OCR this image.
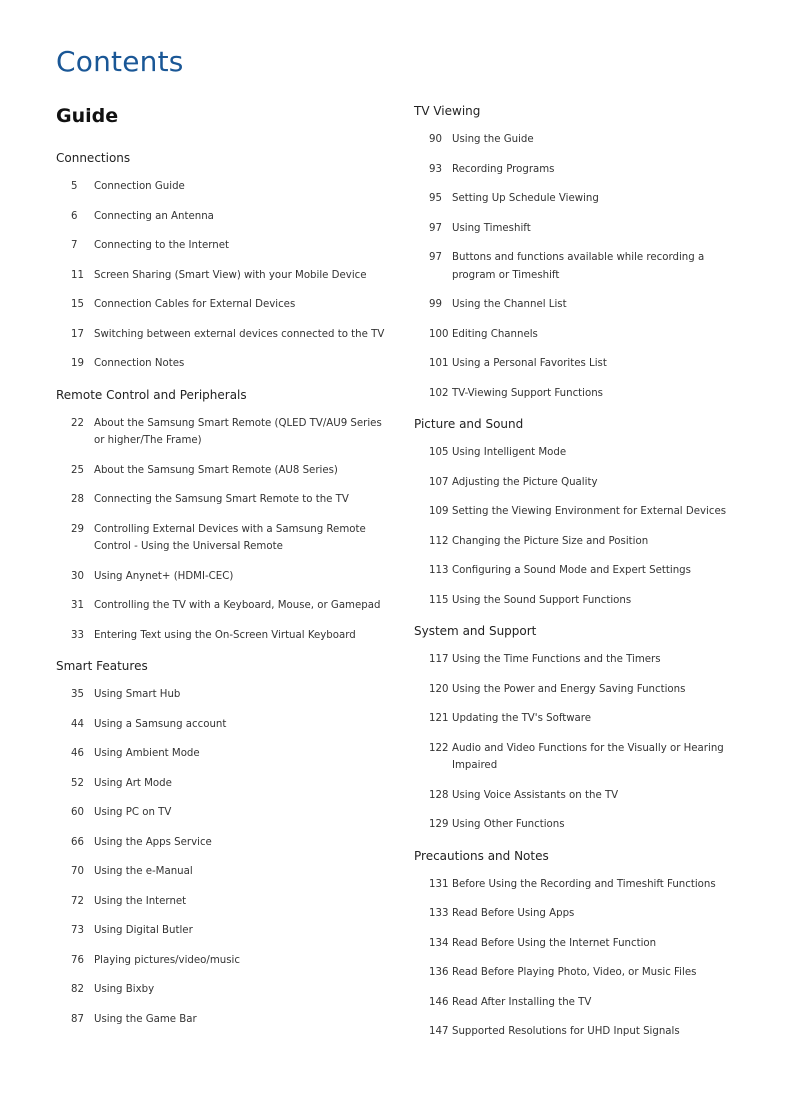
Contents
Guide
Connections
5	Connection Guide
6	Connecting an Antenna
7	Connecting to the Internet
11 Screen Sharing (Smart View) with your Mobile Device
15 Connection Cables for External Devices
17 Switching between external devices connected to the TV
19 Connection Notes
Remote Control and Peripherals
22 About the Samsung Smart Remote (QLED TV/AU9 Series or higher/The Frame)
25 About the Samsung Smart Remote (AU8 Series)
28 Connecting the Samsung Smart Remote to the TV
29 Controlling External Devices with a Samsung Remote Control - Using the Universal Remote
30 Using Anynet+ (HDMI-CEC)
31 Controlling the TV with a Keyboard, Mouse, or Gamepad
33 Entering Text using the On-Screen Virtual Keyboard
Smart Features
35 Using Smart Hub
44 Using a Samsung account
46 Using Ambient Mode
52 Using Art Mode
60 Using PC on TV
66 Using the Apps Service
70 Using the e-Manual
72 Using the Internet
73 Using Digital Butler
76 Playing pictures/video/music
82 Using Bixby
87 Using the Game Bar
TV Viewing
90 Using the Guide
93 Recording Programs
95 Setting Up Schedule Viewing
97 Using Timeshift
97 Buttons and functions available while recording a program or Timeshift
99 Using the Channel List
100 Editing Channels
101 Using a Personal Favorites List
102 TV-Viewing Support Functions
Picture and Sound
105 Using Intelligent Mode
107 Adjusting the Picture Quality
109 Setting the Viewing Environment for External Devices
112 Changing the Picture Size and Position
113 Configuring a Sound Mode and Expert Settings
115 Using the Sound Support Functions
System and Support
117 Using the Time Functions and the Timers
120 Using the Power and Energy Saving Functions
121 Updating the TV's Software
122 Audio and Video Functions for the Visually or Hearing Impaired
128 Using Voice Assistants on the TV
129 Using Other Functions
Precautions and Notes
131 Before Using the Recording and Timeshift Functions
133 Read Before Using Apps
134 Read Before Using the Internet Function
136 Read Before Playing Photo, Video, or Music Files
146 Read After Installing the TV
147 Supported Resolutions for UHD Input Signals
